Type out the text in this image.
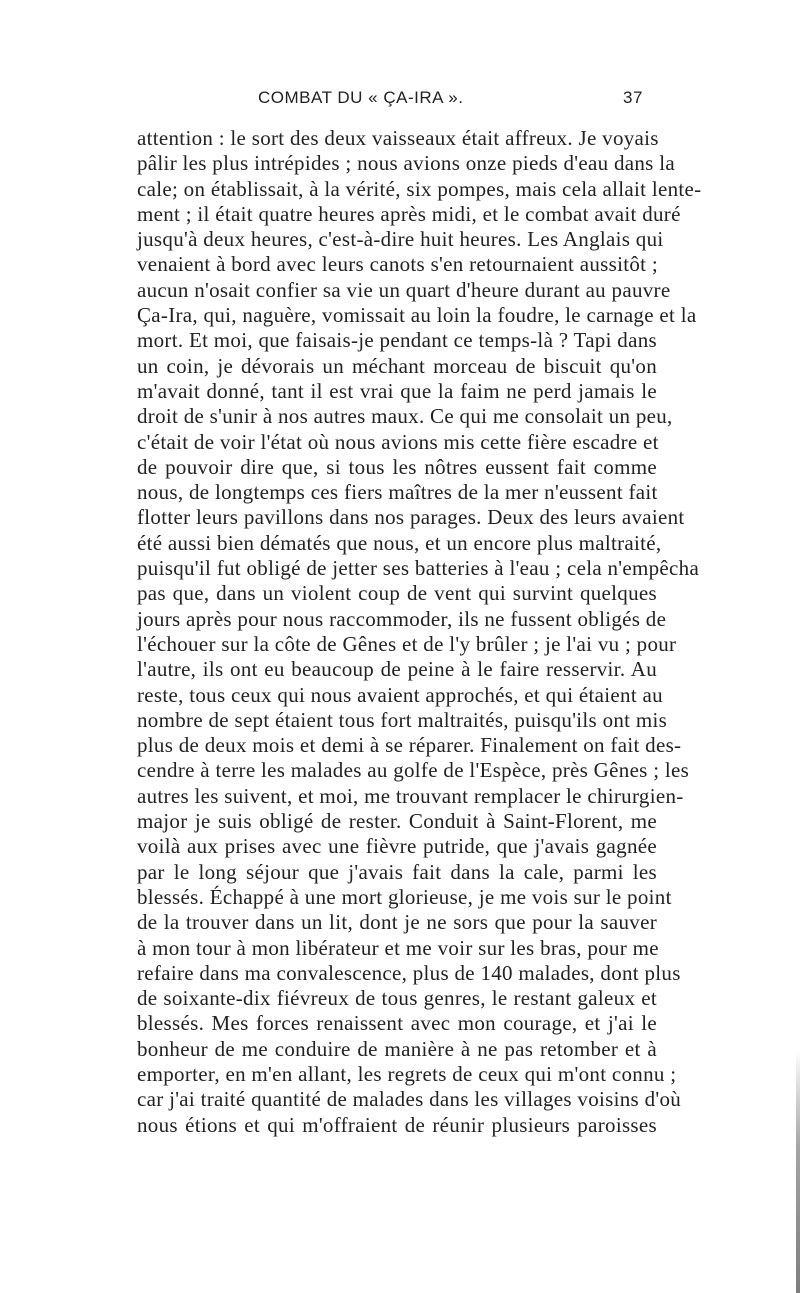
COMBAT DU « ÇA-IRA ».	37
attention : le sort des deux vaisseaux était affreux. Je voyais
pâlir les plus intrépides ; nous avions onze pieds d'eau dans la
cale; on établissait, à la vérité, six pompes, mais cela allait lente-
ment ; il était quatre heures après midi, et le combat avait duré
jusqu'à deux heures, c'est-à-dire huit heures. Les Anglais qui
venaient à bord avec leurs canots s'en retournaient aussitôt ;
aucun n'osait confier sa vie un quart d'heure durant au pauvre
Ça-Ira, qui, naguère, vomissait au loin la foudre, le carnage et la
mort. Et moi, que faisais-je pendant ce temps-là ? Tapi dans
un coin, je dévorais un méchant morceau de biscuit qu'on
m'avait donné, tant il est vrai que la faim ne perd jamais le
droit de s'unir à nos autres maux. Ce qui me consolait un peu,
c'était de voir l'état où nous avions mis cette fière escadre et
de pouvoir dire que, si tous les nôtres eussent fait comme
nous, de longtemps ces fiers maîtres de la mer n'eussent fait
flotter leurs pavillons dans nos parages. Deux des leurs avaient
été aussi bien dématés que nous, et un encore plus maltraité,
puisqu'il fut obligé de jetter ses batteries à l'eau ; cela n'empêcha
pas que, dans un violent coup de vent qui survint quelques
jours après pour nous raccommoder, ils ne fussent obligés de
l'échouer sur la côte de Gênes et de l'y brûler ; je l'ai vu ; pour
l'autre, ils ont eu beaucoup de peine à le faire resservir. Au
reste, tous ceux qui nous avaient approchés, et qui étaient au
nombre de sept étaient tous fort maltraités, puisqu'ils ont mis
plus de deux mois et demi à se réparer. Finalement on fait des-
cendre à terre les malades au golfe de l'Espèce, près Gênes ; les
autres les suivent, et moi, me trouvant remplacer le chirurgien-
major je suis obligé de rester. Conduit à Saint-Florent, me
voilà aux prises avec une fièvre putride, que j'avais gagnée
par le long séjour que j'avais fait dans la cale, parmi les
blessés. Échappé à une mort glorieuse, je me vois sur le point
de la trouver dans un lit, dont je ne sors que pour la sauver
à mon tour à mon libérateur et me voir sur les bras, pour me
refaire dans ma convalescence, plus de 140 malades, dont plus
de soixante-dix fiévreux de tous genres, le restant galeux et
blessés. Mes forces renaissent avec mon courage, et j'ai le
bonheur de me conduire de manière à ne pas retomber et à
emporter, en m'en allant, les regrets de ceux qui m'ont connu ;
car j'ai traité quantité de malades dans les villages voisins d'où
nous étions et qui m'offraient de réunir plusieurs paroisses
